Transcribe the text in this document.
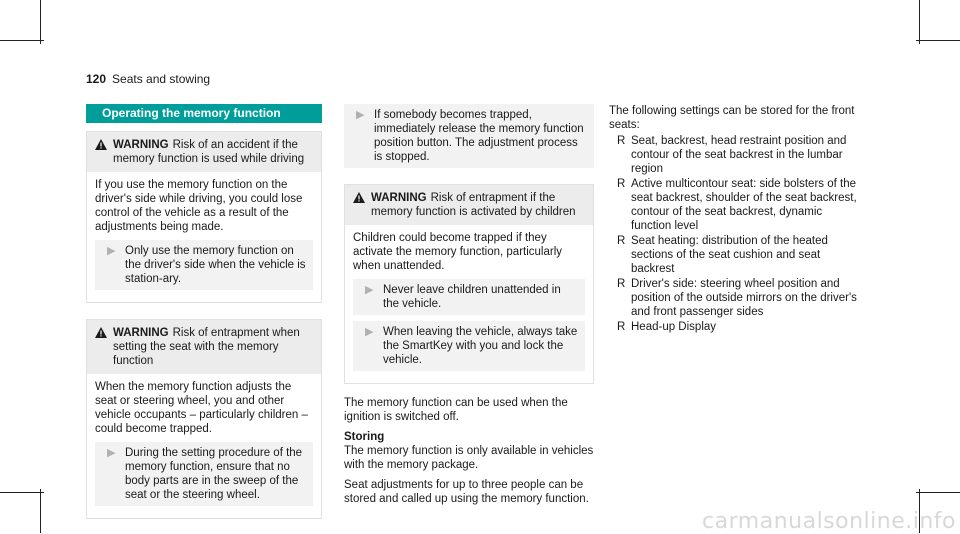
120 Seats and stowing
Operating the memory function
WARNING Risk of an accident if the memory function is used while driving

If you use the memory function on the driver's side while driving, you could lose control of the vehicle as a result of the adjustments being made.

▶ Only use the memory function on the driver's side when the vehicle is station-ary.
WARNING Risk of entrapment when setting the seat with the memory function

When the memory function adjusts the seat or steering wheel, you and other vehicle occupants – particularly children – could become trapped.

▶ During the setting procedure of the memory function, ensure that no body parts are in the sweep of the seat or the steering wheel.
▶ If somebody becomes trapped, immediately release the memory function position button. The adjustment process is stopped.
WARNING Risk of entrapment if the memory function is activated by children

Children could become trapped if they activate the memory function, particularly when unattended.

▶ Never leave children unattended in the vehicle.
▶ When leaving the vehicle, always take the SmartKey with you and lock the vehicle.

The memory function can be used when the ignition is switched off.

Storing

The memory function is only available in vehicles with the memory package.

Seat adjustments for up to three people can be stored and called up using the memory function.

The following settings can be stored for the front seats:

R Seat, backrest, head restraint position and contour of the seat backrest in the lumbar region
R Active multicontour seat: side bolsters of the seat backrest, shoulder of the seat backrest, contour of the seat backrest, dynamic function level
R Seat heating: distribution of the heated sections of the seat cushion and seat backrest
R Driver's side: steering wheel position and position of the outside mirrors on the driver's and front passenger sides
R Head-up Display
carmanualsonline.info
